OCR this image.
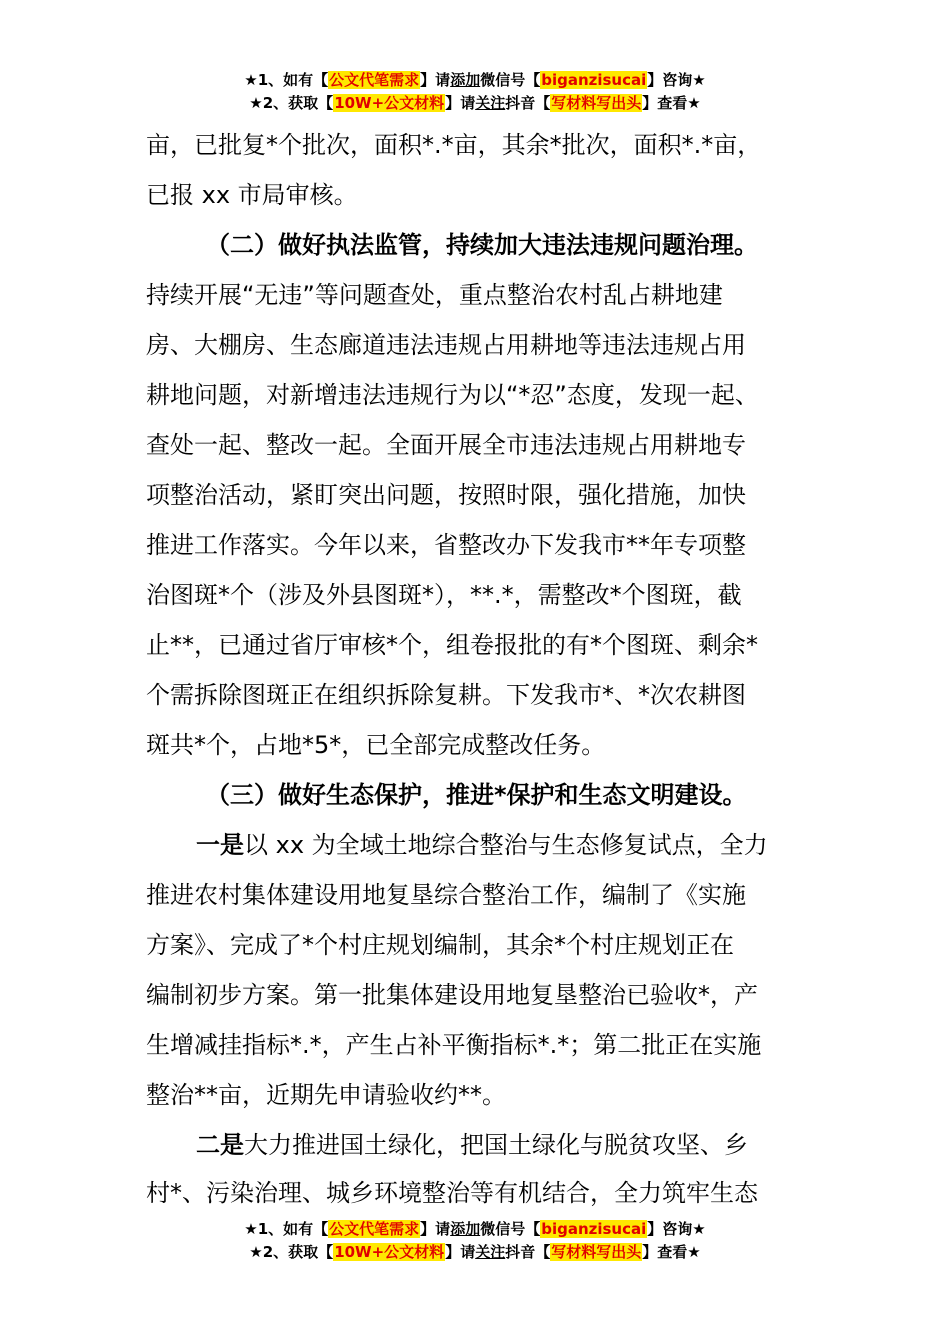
★1、如有【公文代笔需求】请添加微信号【biganzisucai】咨询★
★2、获取【10W+公文材料】请关注抖音【写材料写出头】查看★
亩，已批复*个批次，面积*.*亩，其余*批次，面积*.*亩，
已报 xx 市局审核。
（二）做好执法监管，持续加大违法违规问题治理。
持续开展“无违”等问题查处，重点整治农村乱占耕地建
房、大棚房、生态廊道违法违规占用耕地等违法违规占用
耕地问题，对新增违法违规行为以“*忍”态度，发现一起、
查处一起、整改一起。全面开展全市违法违规占用耕地专
项整治活动，紧盯突出问题，按照时限，强化措施，加快
推进工作落实。今年以来，省整改办下发我市**年专项整
治图斑*个（涉及外县图斑*），**.*，需整改*个图斑，截
止**，已通过省厅审核*个，组卷报批的有*个图斑、剩余*
个需拆除图斑正在组织拆除复耕。下发我市*、*次农耕图
斑共*个，占地*5*，已全部完成整改任务。
（三）做好生态保护，推进*保护和生态文明建设。
一是以 xx 为全域土地综合整治与生态修复试点，全力
推进农村集体建设用地复垦综合整治工作，编制了《实施
方案》、完成了*个村庄规划编制，其余*个村庄规划正在
编制初步方案。第一批集体建设用地复垦整治已验收*，产
生增减挂指标*.*，产生占补平衡指标*.*；第二批正在实施
整治**亩，近期先申请验收约**。
二是大力推进国土绿化，把国土绿化与脱贫攻坚、乡
村*、污染治理、城乡环境整治等有机结合，全力筑牢生态
★1、如有【公文代笔需求】请添加微信号【biganzisucai】咨询★
★2、获取【10W+公文材料】请关注抖音【写材料写出头】查看★
